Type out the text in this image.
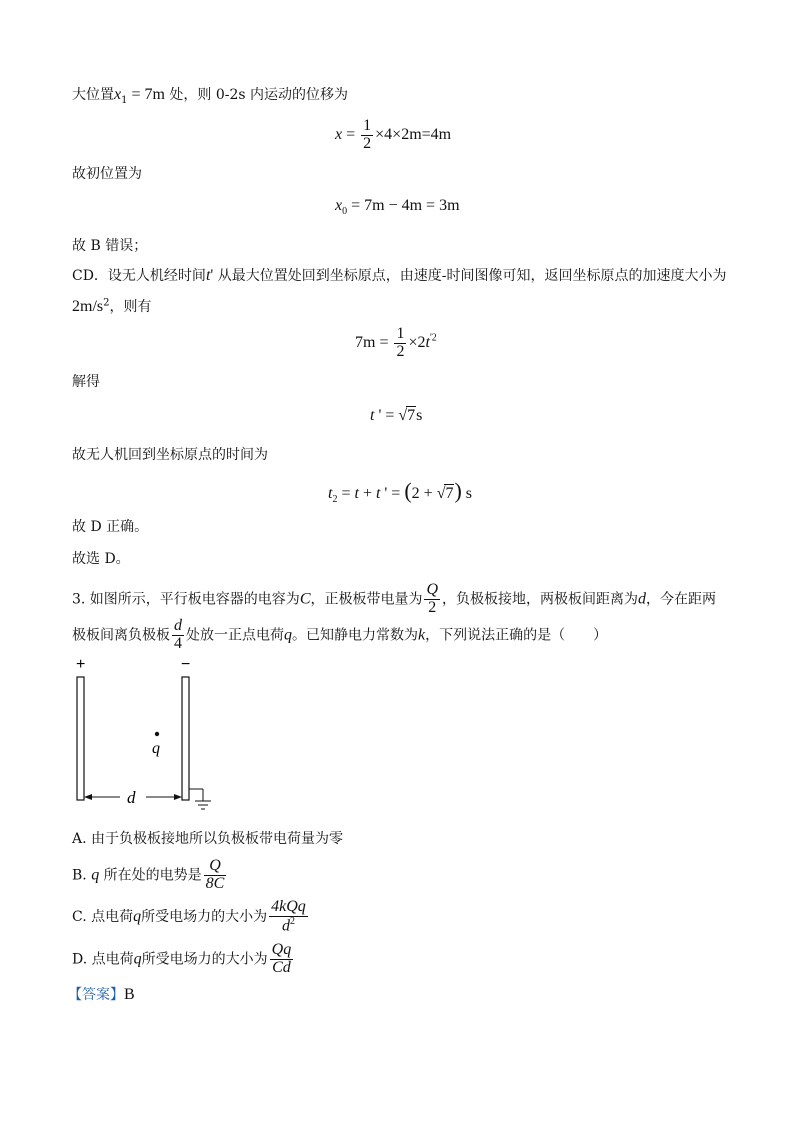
大位置$x_1 = 7m$ 处，则 0-2s 内运动的位移为
$x = \frac{1}{2} \times 4\times 2m=4m$
故初位置为
$x_0 = 7m - 4m = 3m$
故 B 错误；
CD．设无人机经时间t' 从最大位置处回到坐标原点，由速度-时间图像可知，返回坐标原点的加速度大小为
$2m/s^2$，则有
$7m = \frac{1}{2} \times 2t^{'2}$
解得
t ' = √7s
故无人机回到坐标原点的时间为
$t_2 = t + t$ ' = (2 + √7) s
故 D 正确。
故选 D。
3. 如图所示，平行板电容器的电容为C，正极板带电量为 $\frac{Q}{2}$ ，负极板接地，两极板间距离为d，今在距两
极板间离负极板 $\frac{d}{4}$ 处放一正点电荷q。已知静电力常数为k，下列说法正确的是（　　）
+	−
q
d
A. 由于负极板接地所以负极板带电荷量为零
B. q 所在处的电势是 $\frac{Q}{8C}$
C. 点电荷q所受电场力的大小为 $\frac{\text{4kQq}}{d^2}$
D. 点电荷q所受电场力的大小为 $\frac{Qq}{Cd}$
【答案】B
